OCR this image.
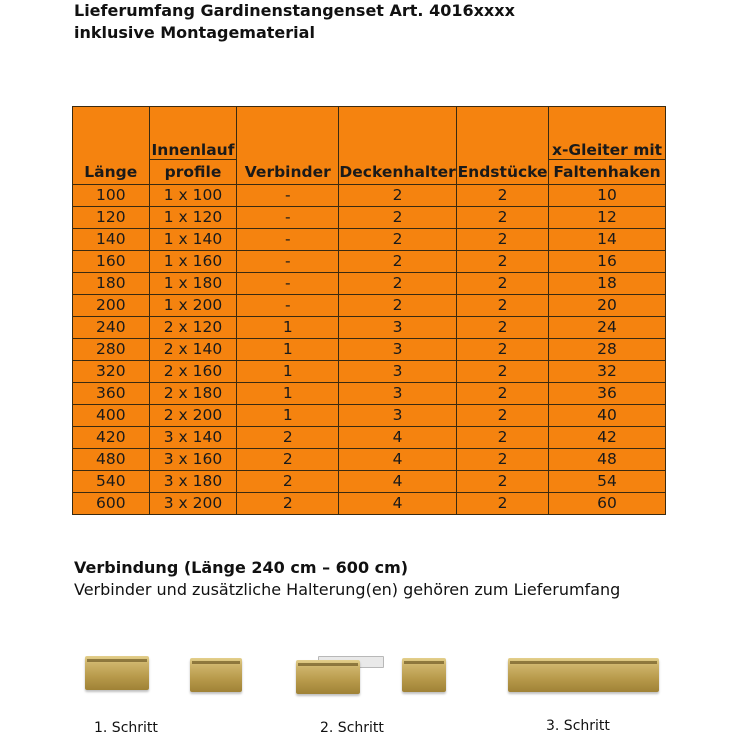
Lieferumfang Gardinenstangenset Art. 4016xxxx
inklusive Montagematerial
	Innenlauf				x-Gleiter mit
Länge	profile	Verbinder	Deckenhalter	Endstücke	Faltenhaken
100	1 x 100	-	2	2	10
120	1 x 120	-	2	2	12
140	1 x 140	-	2	2	14
160	1 x 160	-	2	2	16
180	1 x 180	-	2	2	18
200	1 x 200	-	2	2	20
240	2 x 120	1	3	2	24
280	2 x 140	1	3	2	28
320	2 x 160	1	3	2	32
360	2 x 180	1	3	2	36
400	2 x 200	1	3	2	40
420	3 x 140	2	4	2	42
480	3 x 160	2	4	2	48
540	3 x 180	2	4	2	54
600	3 x 200	2	4	2	60
Verbindung (Länge 240 cm – 600 cm)
Verbinder und zusätzliche Halterung(en) gehören zum Lieferumfang
1. Schritt	2. Schritt	3. Schritt
